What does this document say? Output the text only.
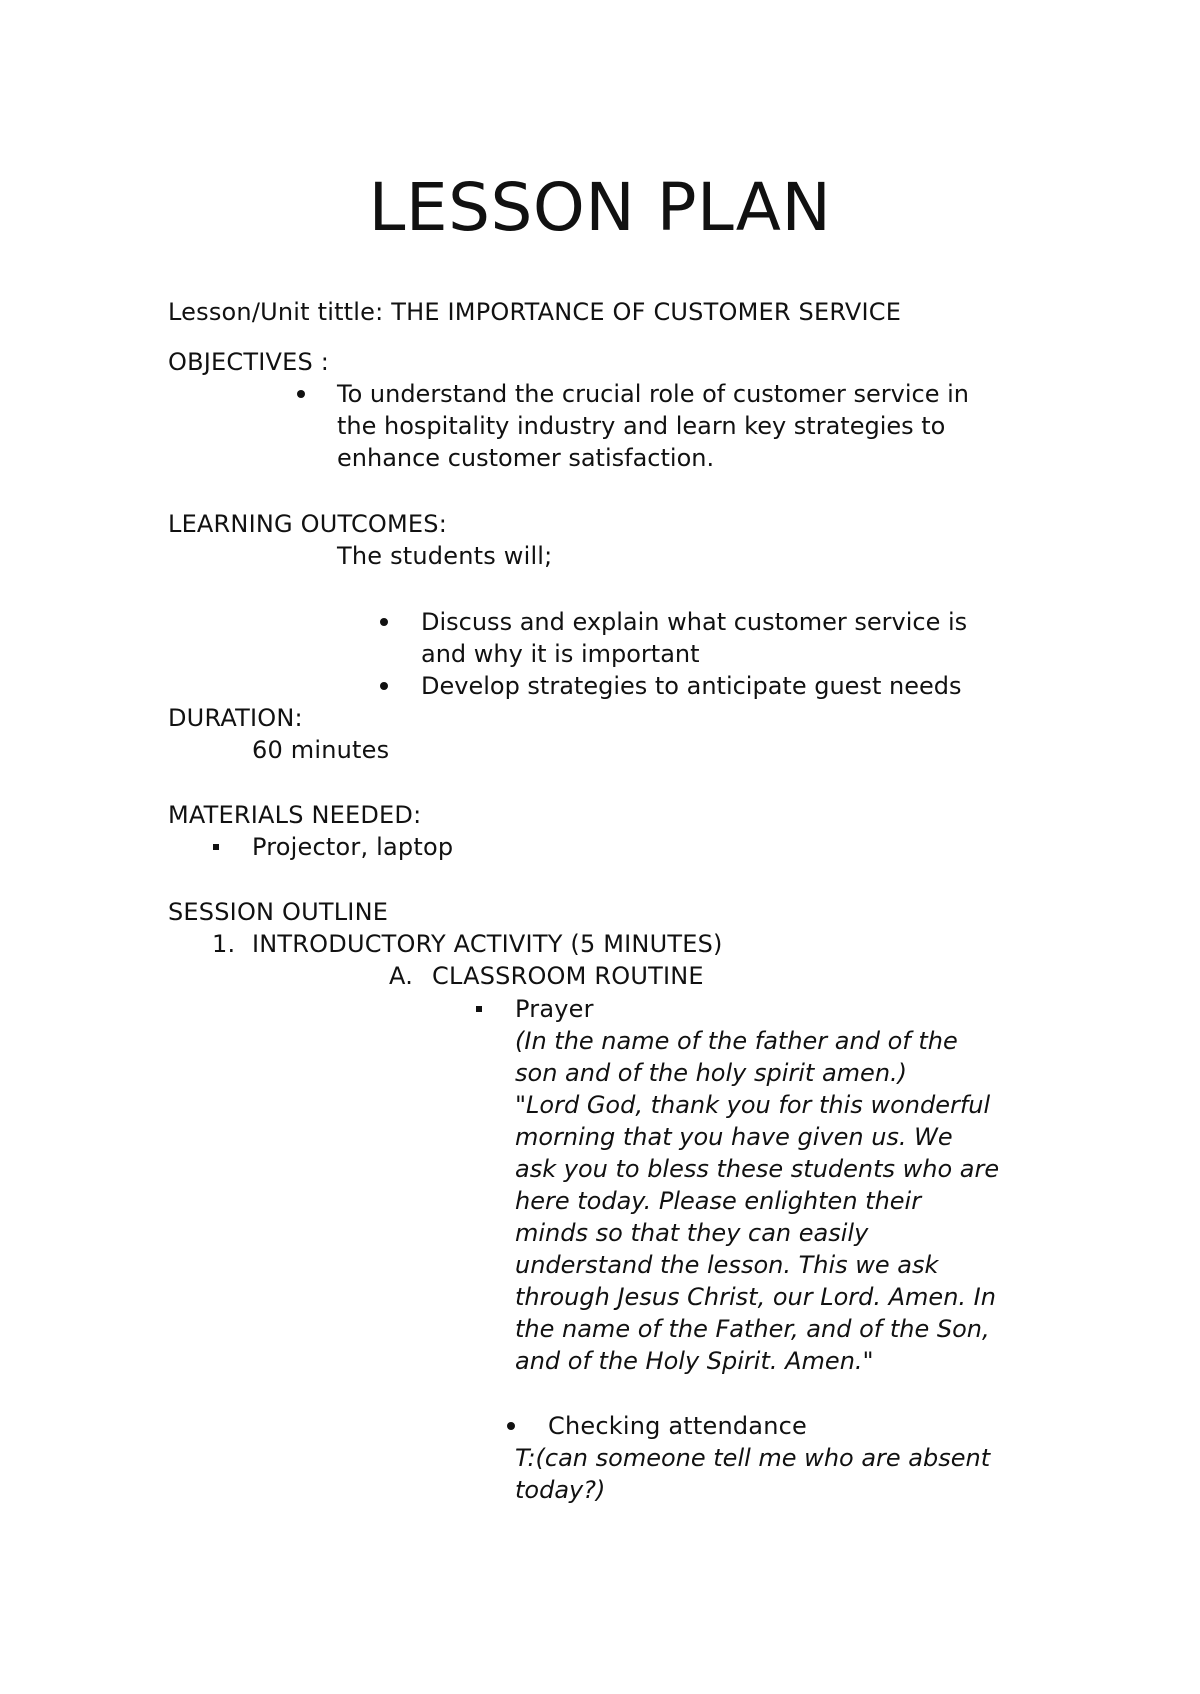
LESSON PLAN
Lesson/Unit tittle: THE IMPORTANCE OF CUSTOMER SERVICE
OBJECTIVES :
To understand the crucial role of customer service in
the hospitality industry and learn key strategies to
enhance customer satisfaction.
LEARNING OUTCOMES:
The students will;
Discuss and explain what customer service is
and why it is important
Develop strategies to anticipate guest needs
DURATION:
60 minutes
MATERIALS NEEDED:
Projector, laptop
SESSION OUTLINE
1. INTRODUCTORY ACTIVITY (5 MINUTES)
A. CLASSROOM ROUTINE
Prayer
(In the name of the father and of the
son and of the holy spirit amen.)
"Lord God, thank you for this wonderful
morning that you have given us. We
ask you to bless these students who are
here today. Please enlighten their
minds so that they can easily
understand the lesson. This we ask
through Jesus Christ, our Lord. Amen. In
the name of the Father, and of the Son,
and of the Holy Spirit. Amen."
Checking attendance
T:(can someone tell me who are absent
today?)
